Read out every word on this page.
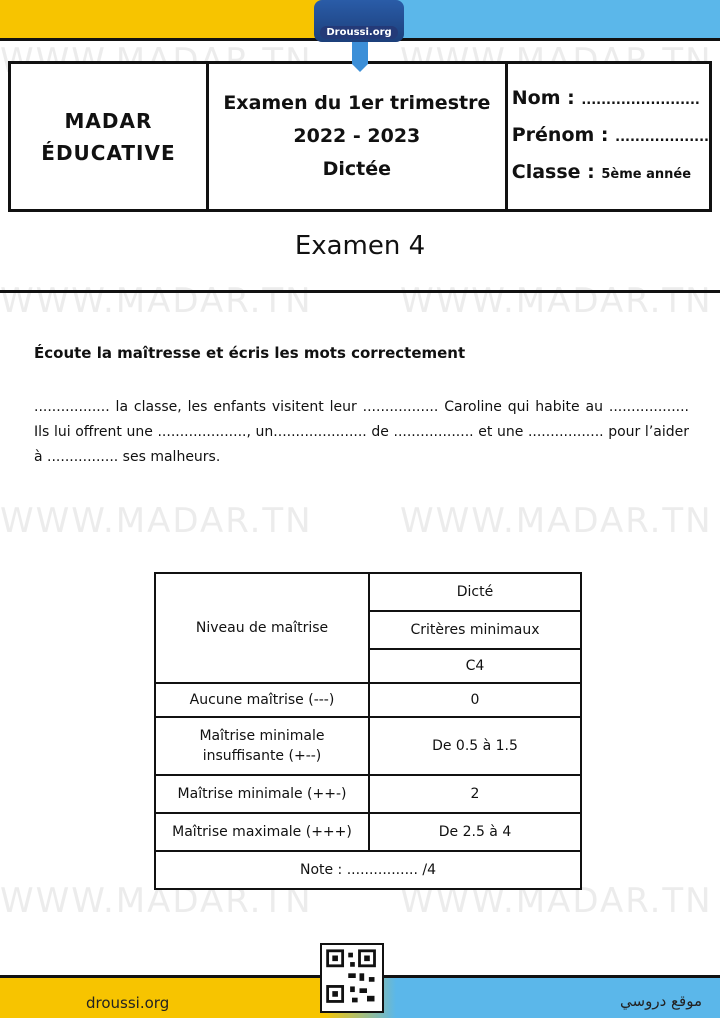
Droussi.org
WWW.MADAR.TN	WWW.MADAR.TN
WWW.MADAR.TN	WWW.MADAR.TN
WWW.MADAR.TN	WWW.MADAR.TN
MADAR
ÉDUCATIVE
Examen du 1er trimestre
2022 - 2023
Dictée
Nom : ........................
Prénom : ...................
Classe : 5ème année
Examen 4
Écoute la maîtresse et écris les mots correctement
................. la classe, les enfants visitent leur ................. Caroline qui habite au .................. Ils lui offrent une ...................., un..................... de .................. et une ................. pour l’aider à ................ ses malheurs.
Niveau de maîtrise	Dicté
	Critères minimaux
	C4
Aucune maîtrise (---)	0
Maîtrise minimale insuffisante (+--)	De 0.5 à 1.5
Maîtrise minimale (++-)	2
Maîtrise maximale (+++)	De 2.5 à 4
Note : ................ /4	
droussi.org	موقع دروسي
